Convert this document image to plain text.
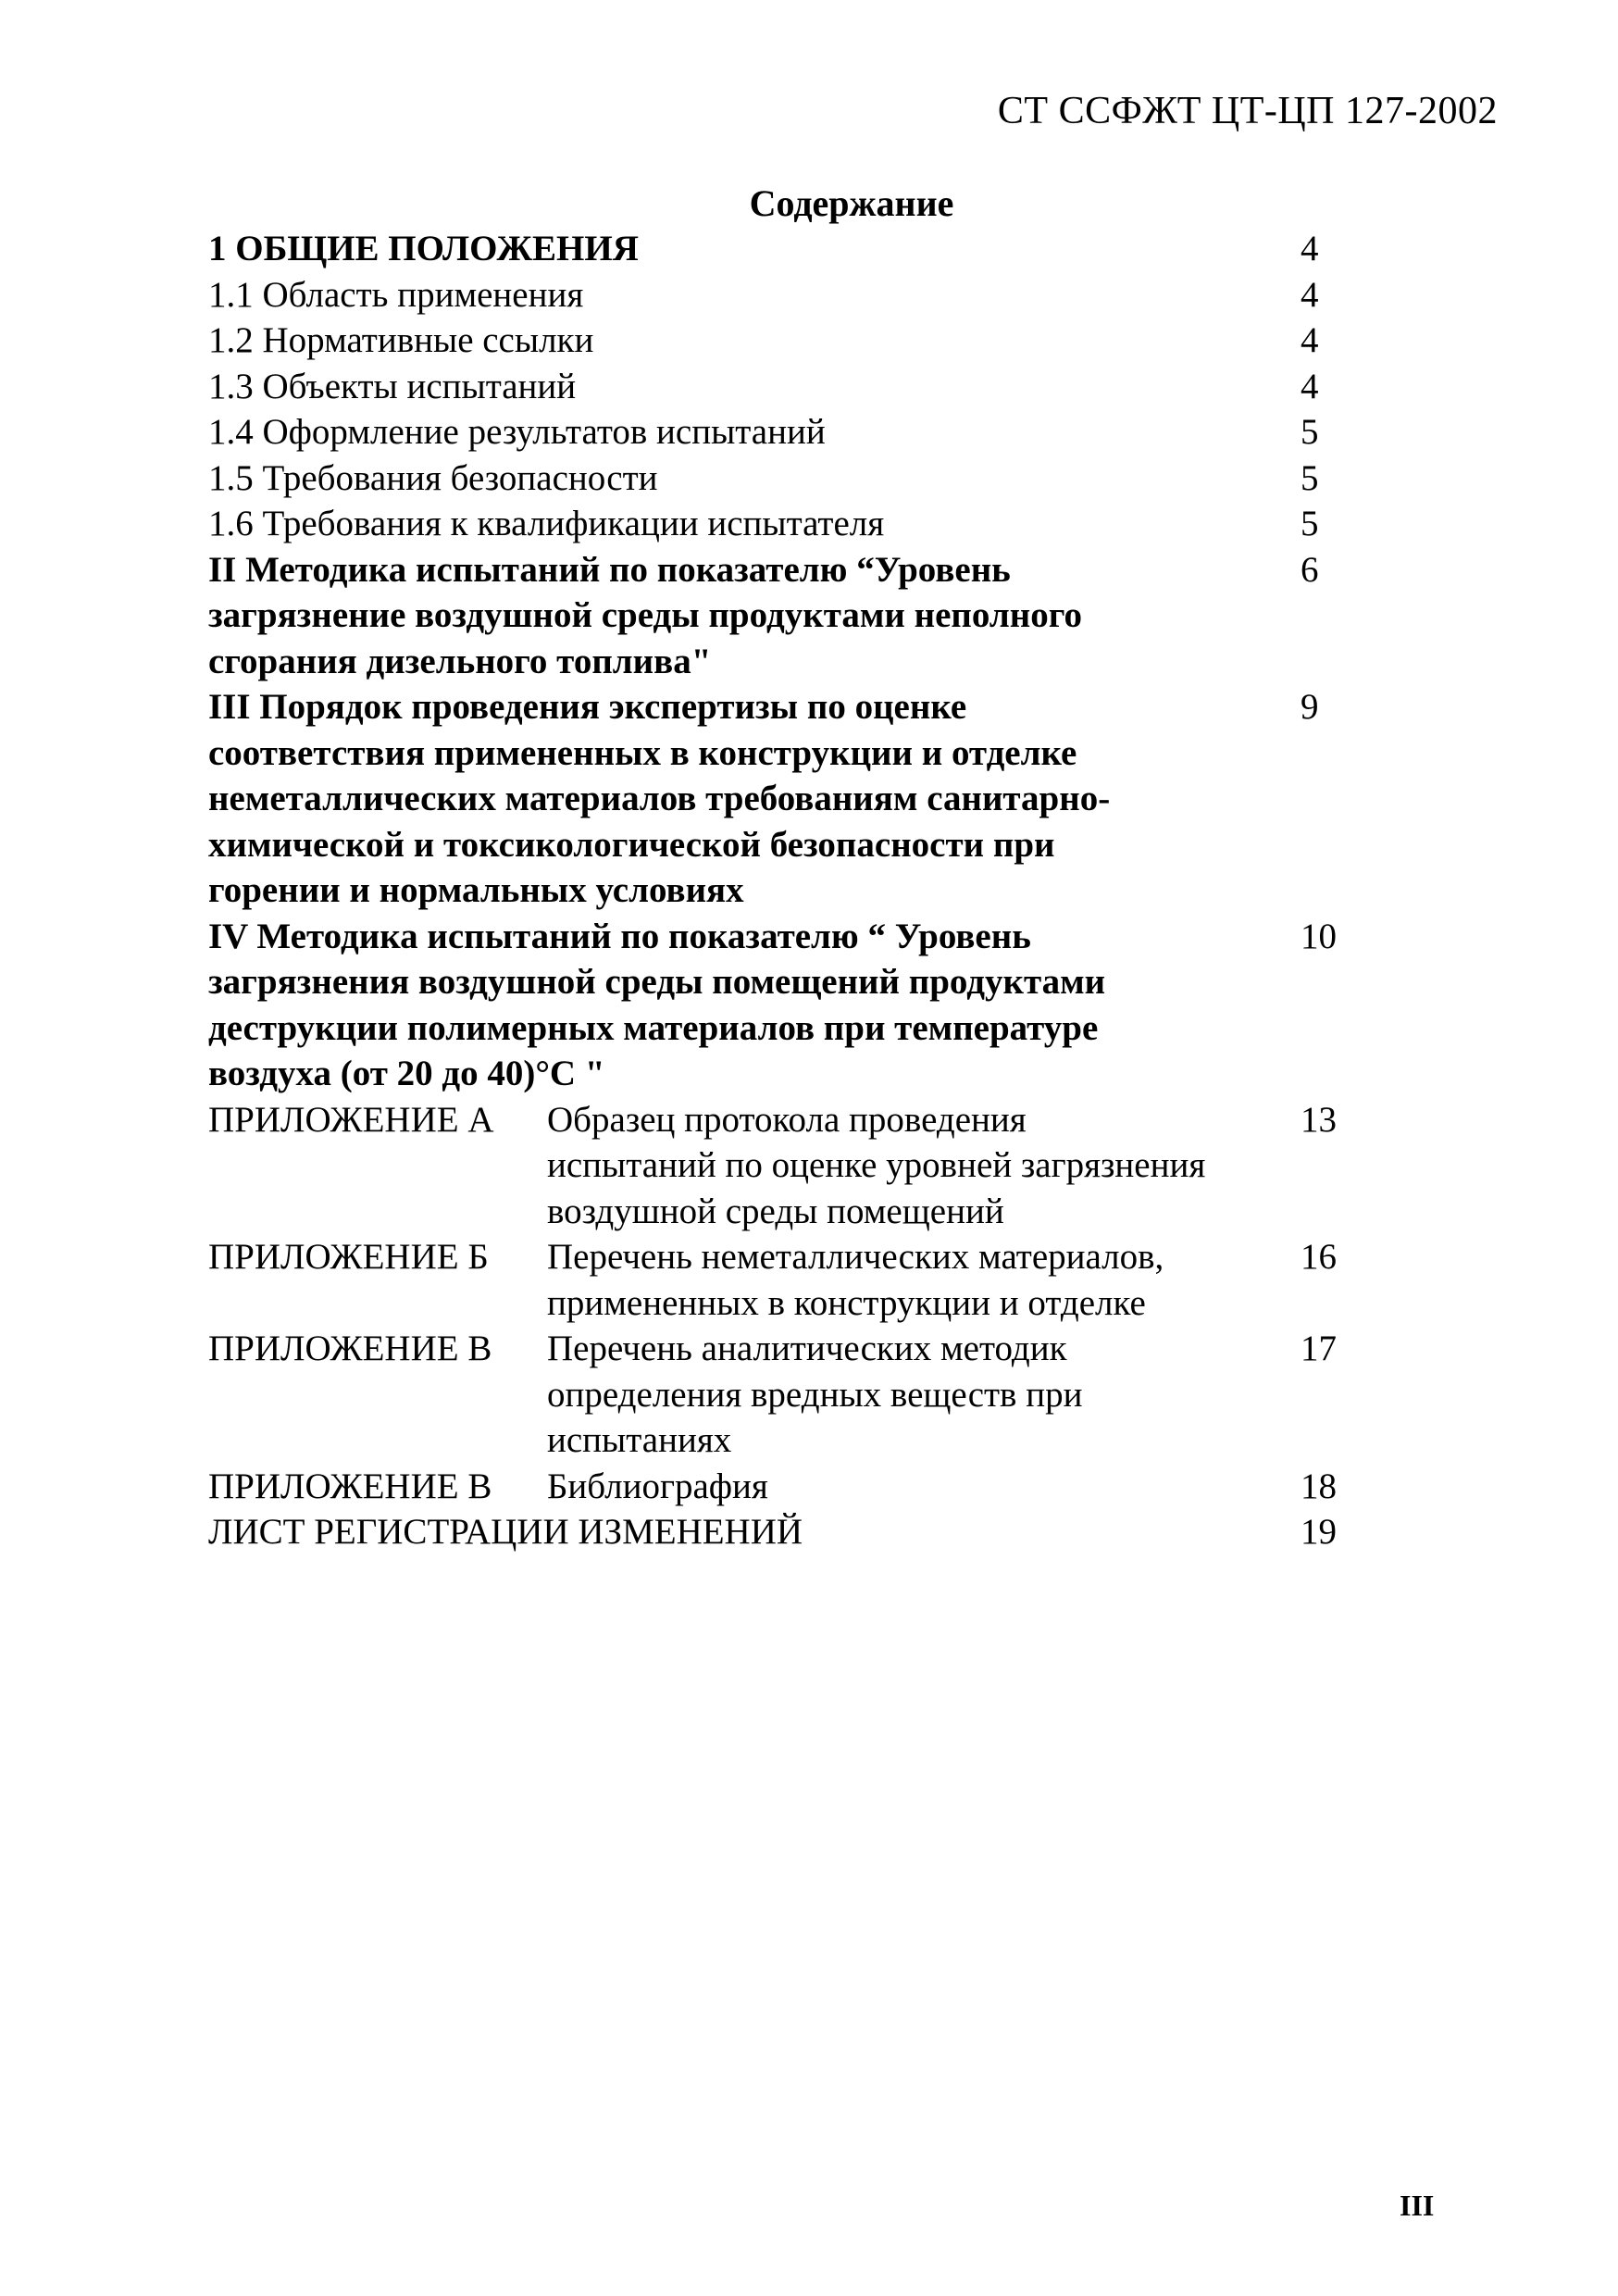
СТ ССФЖТ ЦТ-ЦП 127-2002
Содержание
1 ОБЩИЕ ПОЛОЖЕНИЯ	4
1.1 Область применения	4
1.2 Нормативные ссылки	4
1.3 Объекты испытаний	4
1.4 Оформление результатов испытаний	5
1.5 Требования безопасности	5
1.6 Требования к квалификации испытателя	5
II Методика испытаний по показателю “Уровень	6
загрязнение воздушной среды продуктами неполного
сгорания дизельного топлива"
III Порядок проведения экспертизы по оценке	9
соответствия примененных в конструкции и отделке
неметаллических материалов требованиям санитарно-
химической и токсикологической безопасности при
горении и нормальных условиях
IV Методика испытаний по показателю “ Уровень	10
загрязнения воздушной среды помещений продуктами
деструкции полимерных материалов при температуре
воздуха (от 20 до 40)°С "
ПРИЛОЖЕНИЕ А Образец протокола проведения	13
испытаний по оценке уровней загрязнения
воздушной среды помещений
ПРИЛОЖЕНИЕ Б Перечень неметаллических материалов,	16
примененных в конструкции и отделке
ПРИЛОЖЕНИЕ В Перечень аналитических методик	17
определения вредных веществ при
испытаниях
ПРИЛОЖЕНИЕ В Библиография	18
ЛИСТ РЕГИСТРАЦИИ ИЗМЕНЕНИЙ	19
III
